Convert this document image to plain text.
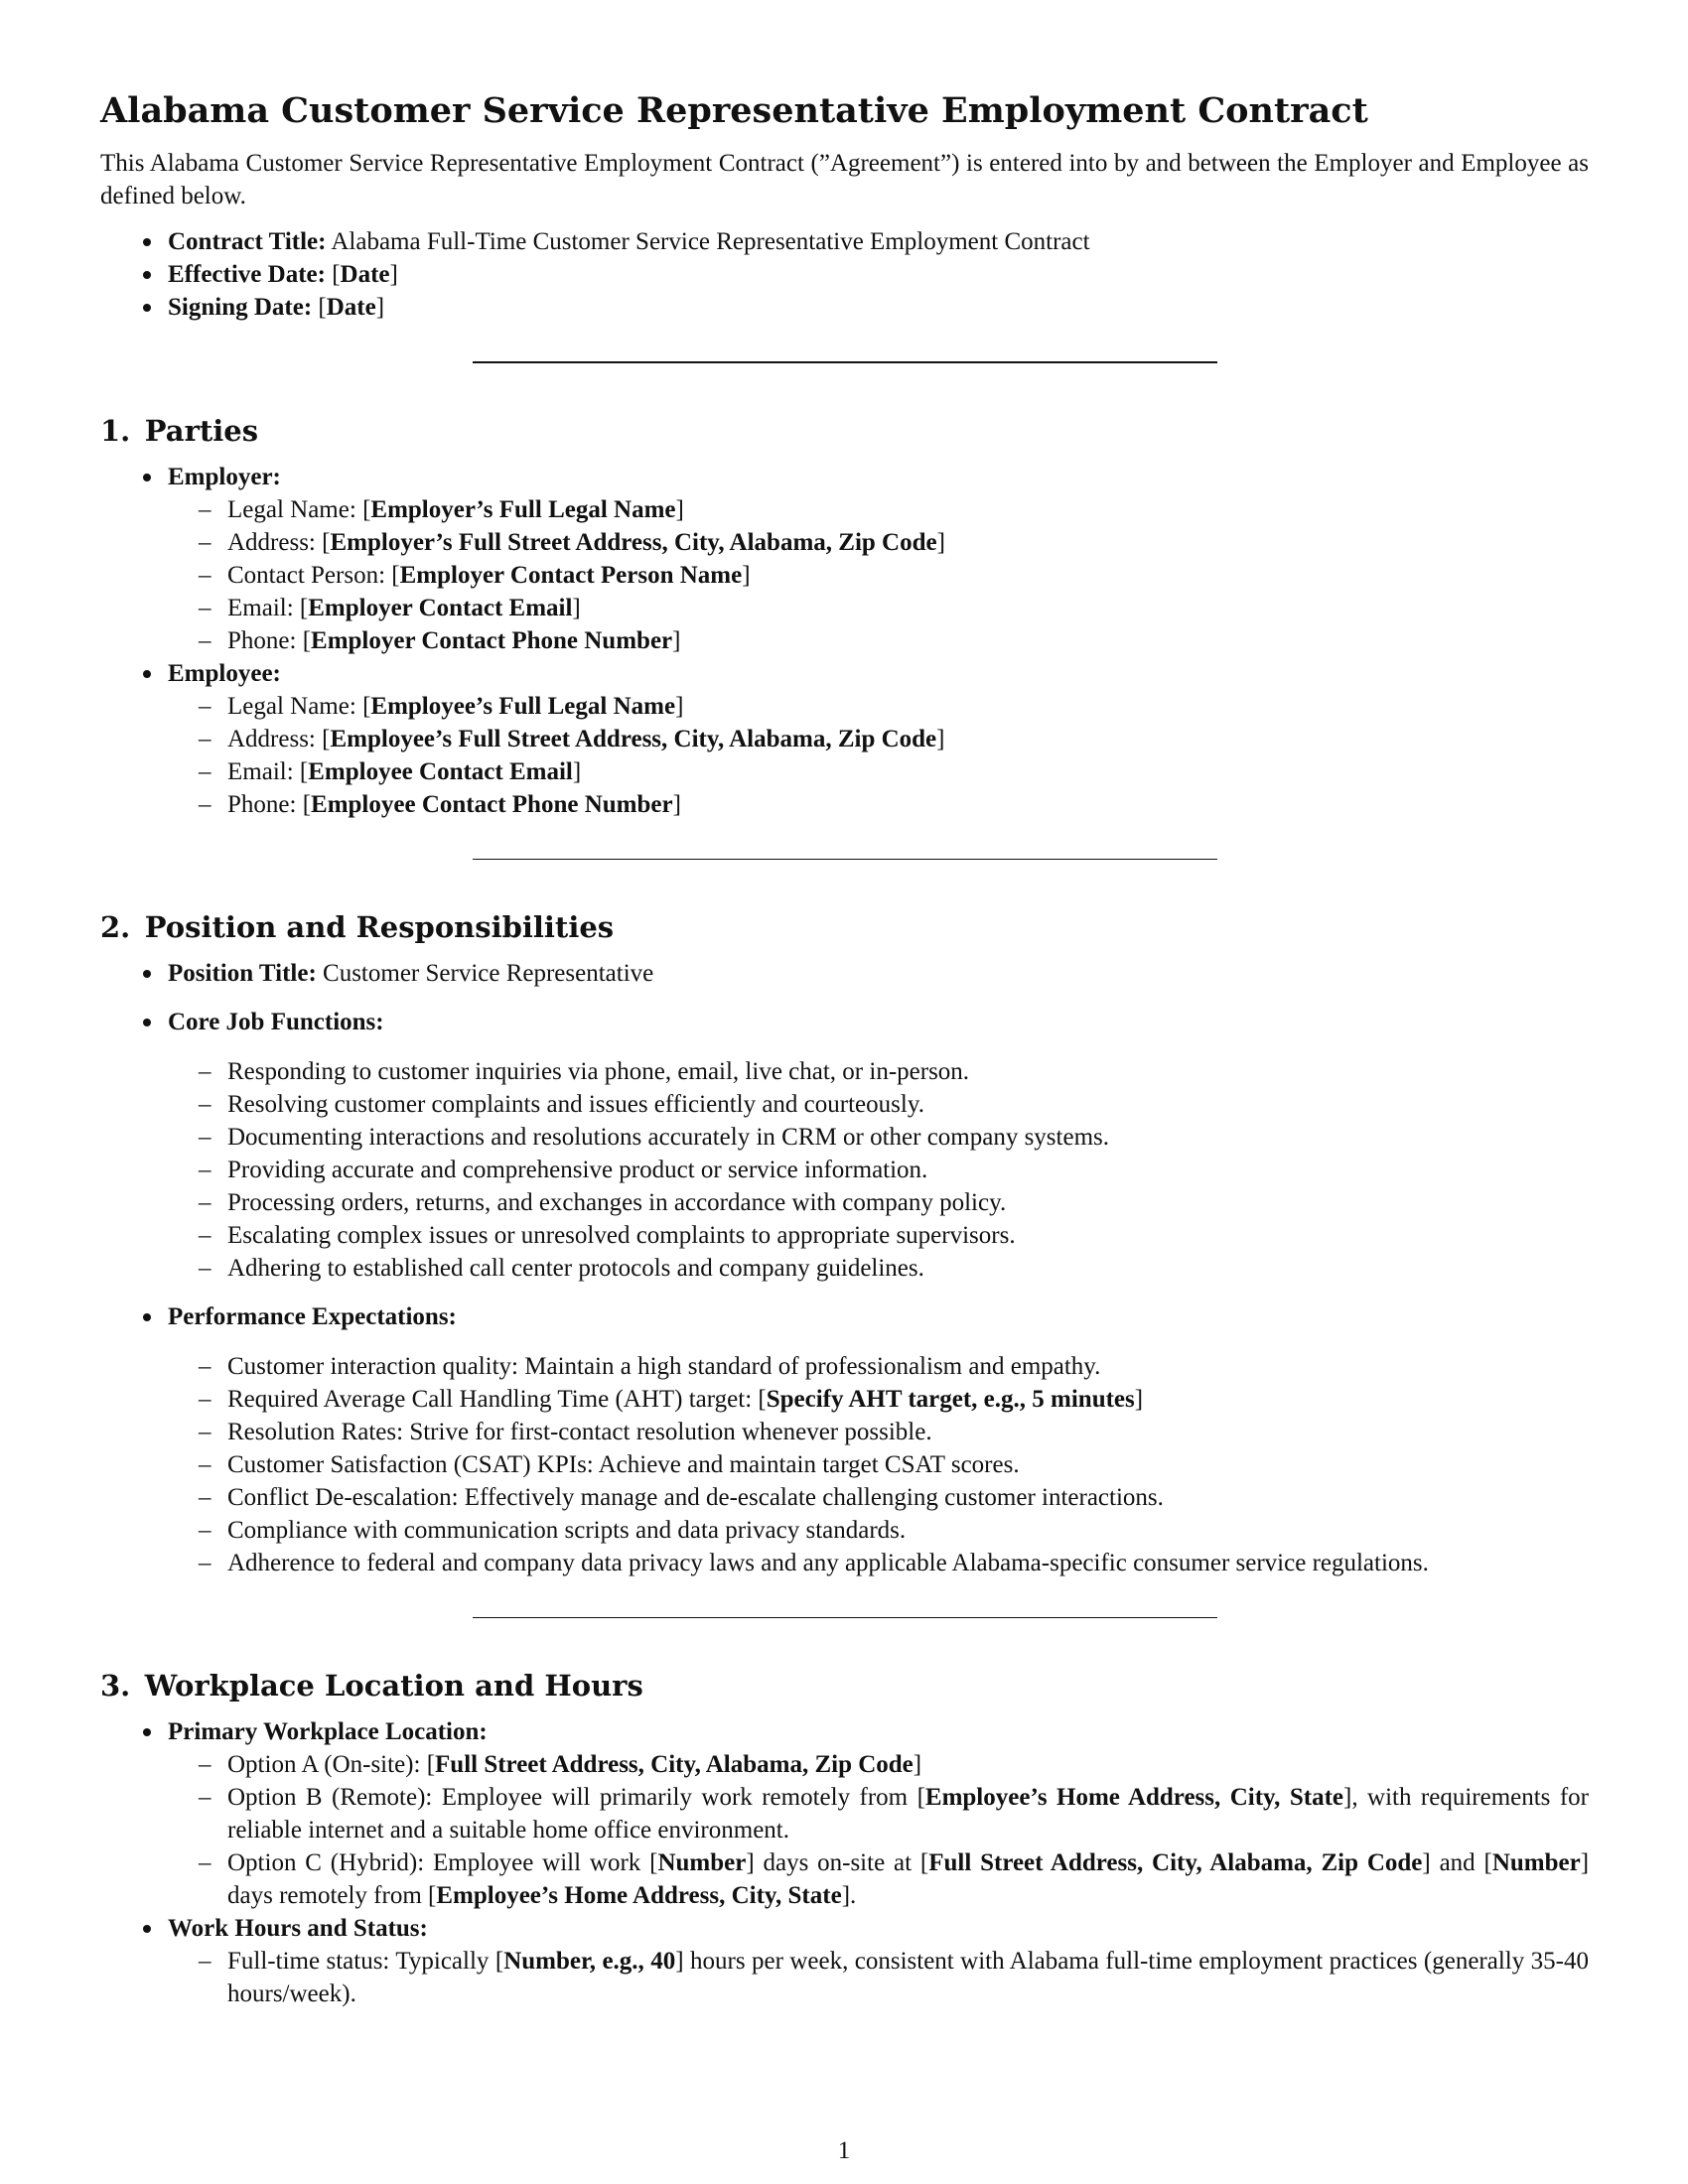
Alabama Customer Service Representative Employment Contract

This Alabama Customer Service Representative Employment Contract (”Agreement”) is entered into by and between the Employer and Employee as defined below.

Contract Title: Alabama Full-Time Customer Service Representative Employment Contract
Effective Date: [Date]
Signing Date: [Date]
1. Parties
Employer:
– Legal Name: [Employer’s Full Legal Name]
– Address: [Employer’s Full Street Address, City, Alabama, Zip Code]
– Contact Person: [Employer Contact Person Name]
– Email: [Employer Contact Email]
– Phone: [Employer Contact Phone Number]
Employee:
– Legal Name: [Employee’s Full Legal Name]
– Address: [Employee’s Full Street Address, City, Alabama, Zip Code]
– Email: [Employee Contact Email]
– Phone: [Employee Contact Phone Number]
2. Position and Responsibilities
Position Title: Customer Service Representative
Core Job Functions:
– Responding to customer inquiries via phone, email, live chat, or in-person.
– Resolving customer complaints and issues efficiently and courteously.
– Documenting interactions and resolutions accurately in CRM or other company systems.
– Providing accurate and comprehensive product or service information.
– Processing orders, returns, and exchanges in accordance with company policy.
– Escalating complex issues or unresolved complaints to appropriate supervisors.
– Adhering to established call center protocols and company guidelines.
Performance Expectations:
– Customer interaction quality: Maintain a high standard of professionalism and empathy.
– Required Average Call Handling Time (AHT) target: [Specify AHT target, e.g., 5 minutes]
– Resolution Rates: Strive for first-contact resolution whenever possible.
– Customer Satisfaction (CSAT) KPIs: Achieve and maintain target CSAT scores.
– Conflict De-escalation: Effectively manage and de-escalate challenging customer interactions.
– Compliance with communication scripts and data privacy standards.
– Adherence to federal and company data privacy laws and any applicable Alabama-specific consumer service regulations.
3. Workplace Location and Hours
Primary Workplace Location:
– Option A (On-site): [Full Street Address, City, Alabama, Zip Code]
– Option B (Remote): Employee will primarily work remotely from [Employee’s Home Address, City, State], with requirements for reliable internet and a suitable home office environment.
– Option C (Hybrid): Employee will work [Number] days on-site at [Full Street Address, City, Alabama, Zip Code] and [Number] days remotely from [Employee’s Home Address, City, State].
Work Hours and Status:
– Full-time status: Typically [Number, e.g., 40] hours per week, consistent with Alabama full-time employment practices (generally 35-40 hours/week).
1
